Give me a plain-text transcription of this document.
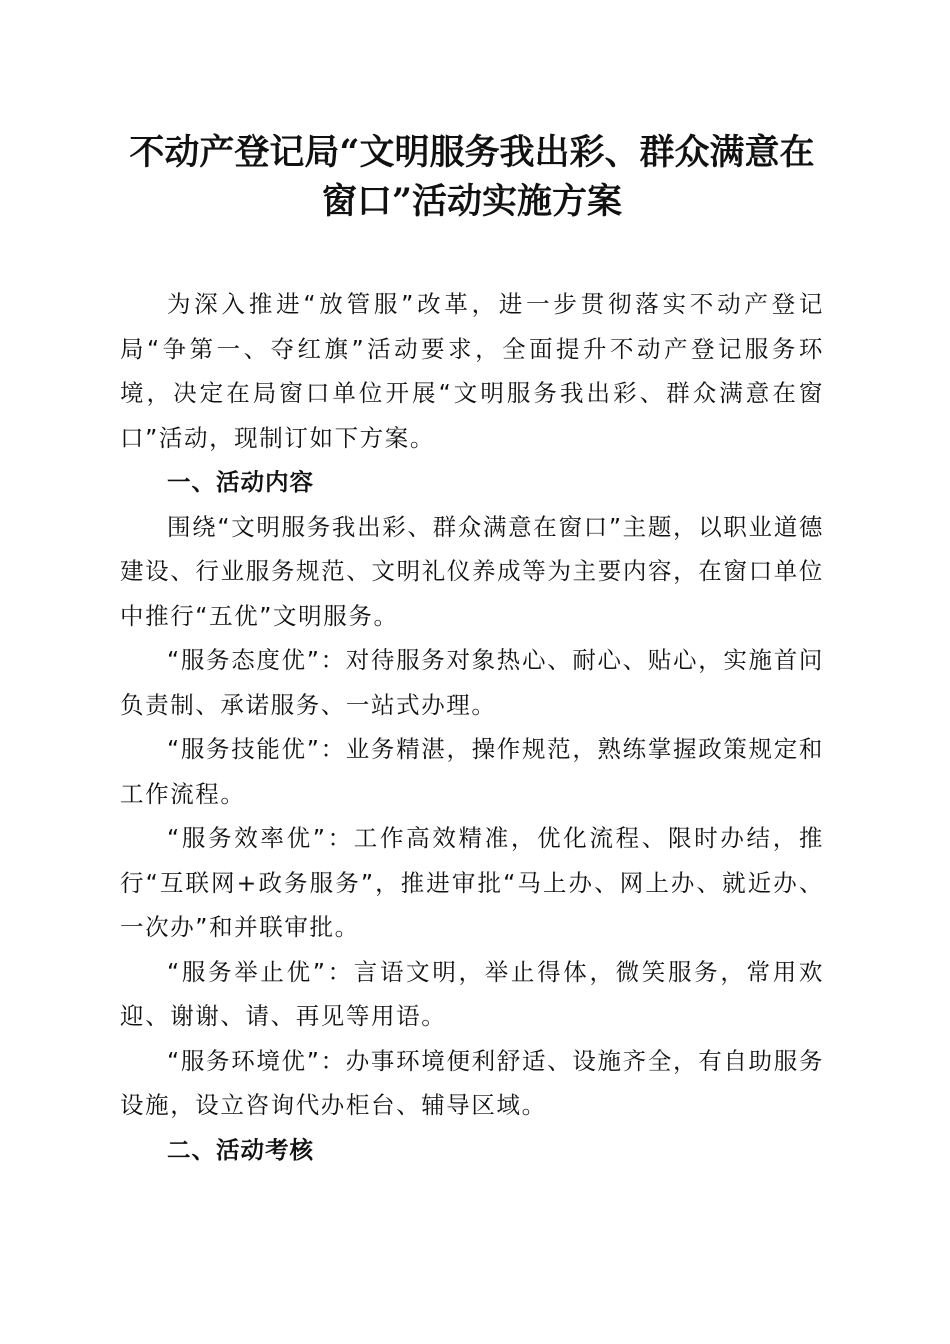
不动产登记局“文明服务我出彩、群众满意在
窗口”活动实施方案

为深入推进“放管服”改革，进一步贯彻落实不动产登记局“争第一、夺红旗”活动要求，全面提升不动产登记服务环境，决定在局窗口单位开展“文明服务我出彩、群众满意在窗口”活动，现制订如下方案。

一、活动内容

围绕“文明服务我出彩、群众满意在窗口”主题，以职业道德建设、行业服务规范、文明礼仪养成等为主要内容，在窗口单位中推行“五优”文明服务。

“服务态度优”：对待服务对象热心、耐心、贴心，实施首问负责制、承诺服务、一站式办理。

“服务技能优”：业务精湛，操作规范，熟练掌握政策规定和工作流程。

“服务效率优”：工作高效精准，优化流程、限时办结，推行“互联网+政务服务”，推进审批“马上办、网上办、就近办、一次办”和并联审批。

“服务举止优”：言语文明，举止得体，微笑服务，常用欢迎、谢谢、请、再见等用语。

“服务环境优”：办事环境便利舒适、设施齐全，有自助服务设施，设立咨询代办柜台、辅导区域。

二、活动考核
